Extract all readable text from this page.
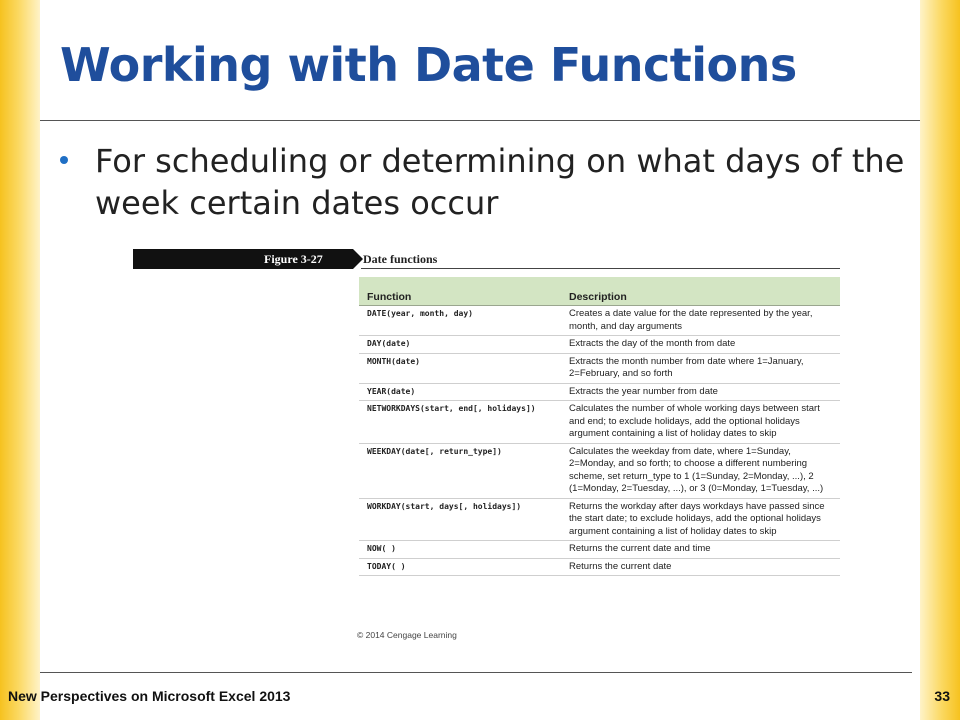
Working with Date Functions
For scheduling or determining on what days of the week certain dates occur
Figure 3-27	Date functions
Function	Description
DATE(year, month, day)	Creates a date value for the date represented by the year, month, and day arguments
DAY(date)	Extracts the day of the month from date
MONTH(date)	Extracts the month number from date where 1=January, 2=February, and so forth
YEAR(date)	Extracts the year number from date
NETWORKDAYS(start, end[, holidays])	Calculates the number of whole working days between start and end; to exclude holidays, add the optional holidays argument containing a list of holiday dates to skip
WEEKDAY(date[, return_type])	Calculates the weekday from date, where 1=Sunday, 2=Monday, and so forth; to choose a different numbering scheme, set return_type to 1 (1=Sunday, 2=Monday, ...), 2 (1=Monday, 2=Tuesday, ...), or 3 (0=Monday, 1=Tuesday, ...)
WORKDAY(start, days[, holidays])	Returns the workday after days workdays have passed since the start date; to exclude holidays, add the optional holidays argument containing a list of holiday dates to skip
NOW( )	Returns the current date and time
TODAY( )	Returns the current date
© 2014 Cengage Learning
New Perspectives on Microsoft Excel 2013	33
